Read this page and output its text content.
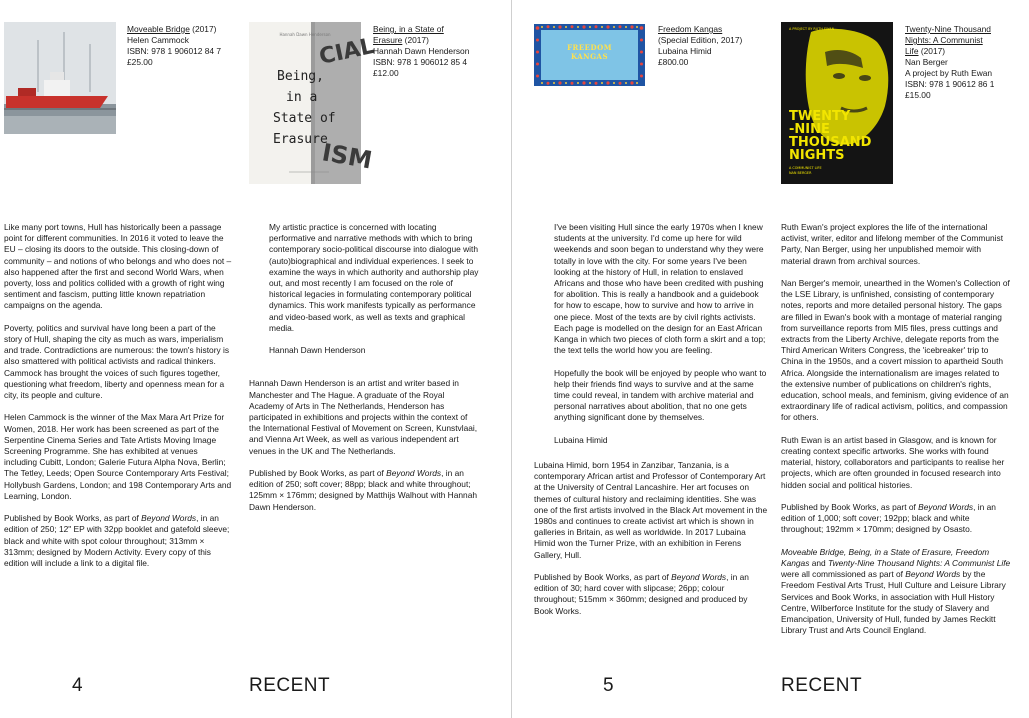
Moveable Bridge (2017)
Helen Cammock
ISBN: 978 1 906012 84 7
£25.00
Hannah Dawn Henderson
Being,
in a
State of
Erasure
CIAL
ISM
Being, in a State of
Erasure (2017)
Hannah Dawn Henderson
ISBN: 978 1 906012 85 4
£12.00
FREEDOM
KANGAS
Freedom Kangas
(Special Edition, 2017)
Lubaina Himid
£800.00
A PROJECT BY RUTH EWAN
TWENTY
-NINE
THOUSAND
NIGHTS
A COMMUNIST LIFE
NAN BERGER
Twenty-Nine Thousand
Nights: A Communist
Life (2017)
Nan Berger
A project by Ruth Ewan
ISBN: 978 1 90612 86 1
£15.00

Like many port towns, Hull has historically been a passage point for different communities. In 2016 it voted to leave the EU – closing its doors to the outside. This closing-down of community – and notions of who belongs and who does not – also happened after the first and second World Wars, when poverty, loss and politics collided with a growth of right wing sentiment and fascism, putting little known repatriation campaigns on the agenda.

Poverty, politics and survival have long been a part of the story of Hull, shaping the city as much as wars, imperialism and trade. Contradictions are numerous: the town's history is also smattered with political activists and radical thinkers. Cammock has brought the voices of such figures together, questioning what freedom, liberty and openness mean for a city, its people and culture.

Helen Cammock is the winner of the Max Mara Art Prize for Women, 2018. Her work has been screened as part of the Serpentine Cinema Series and Tate Artists Moving Image Screening Programme. She has exhibited at venues including Cubitt, London; Galerie Futura Alpha Nova, Berlin; The Tetley, Leeds; Open Source Contemporary Arts Festival; Hollybush Gardens, London; and 198 Contemporary Arts and Learning, London.

Published by Book Works, as part of Beyond Words, in an edition of 250; 12" EP with 32pp booklet and gatefold sleeve; black and white with spot colour throughout; 313mm × 313mm; designed by Modern Activity. Every copy of this edition will include a link to a digital file.

My artistic practice is concerned with locating performative and narrative methods with which to bring contemporary socio-political discourse into dialogue with (auto)biographical and individual experiences. I seek to examine the ways in which authority and authorship play out, and most recently I am focused on the role of historical legacies in formulating contemporary political dynamics. This work manifests typically as performance and video-based work, as well as texts and graphical media.

Hannah Dawn Henderson

Hannah Dawn Henderson is an artist and writer based in Manchester and The Hague. A graduate of the Royal Academy of Arts in The Netherlands, Henderson has participated in exhibitions and projects within the context of the International Festival of Movement on Screen, Kunstvlaai, and Vienna Art Week, as well as various independent art venues in the UK and The Netherlands.

Published by Book Works, as part of Beyond Words, in an edition of 250; soft cover; 88pp; black and white throughout; 125mm × 176mm; designed by Matthijs Walhout with Hannah Dawn Henderson.

I've been visiting Hull since the early 1970s when I knew students at the university. I'd come up here for wild weekends and soon began to understand why they were totally in love with the city. For some years I've been looking at the history of Hull, in relation to enslaved Africans and those who have been credited with pushing for abolition. This is really a handbook and a guidebook for how to escape, how to survive and how to arrive in one piece. Most of the texts are by civil rights activists. Each page is modelled on the design for an East African Kanga in which two pieces of cloth form a skirt and a top; the text tells the world how you are feeling.

Hopefully the book will be enjoyed by people who want to help their friends find ways to survive and at the same time could reveal, in tandem with archive material and personal narratives about abolition, that no one gets anything significant done by themselves.

Lubaina Himid

Lubaina Himid, born 1954 in Zanzibar, Tanzania, is a contemporary African artist and Professor of Contemporary Art at the University of Central Lancashire. Her art focuses on themes of cultural history and reclaiming identities. She was one of the first artists involved in the Black Art movement in the 1980s and continues to create activist art which is shown in galleries in Britain, as well as worldwide. In 2017 Lubaina Himid won the Turner Prize, with an exhibition in Ferens Gallery, Hull.

Published by Book Works, as part of Beyond Words, in an edition of 30; hard cover with slipcase; 26pp; colour throughout; 515mm × 360mm; designed and produced by Book Works.

Ruth Ewan's project explores the life of the international activist, writer, editor and lifelong member of the Communist Party, Nan Berger, using her unpublished memoir with material drawn from archival sources.

Nan Berger's memoir, unearthed in the Women's Collection of the LSE Library, is unfinished, consisting of contemporary notes, reports and more detailed personal history. The gaps are filled in Ewan's book with a montage of material ranging from surveillance reports from MI5 files, press cuttings and extracts from the Liberty Archive, delegate reports from the Third American Writers Congress, the 'icebreaker' trip to China in the 1950s, and a covert mission to apartheid South Africa. Alongside the internationalism are images related to the extensive number of publications on children's rights, education, school meals, and feminism, giving evidence of an extraordinary life of radical activism, politics, and compassion for others.

Ruth Ewan is an artist based in Glasgow, and is known for creating context specific artworks. She works with found material, history, collaborators and participants to realise her projects, which are often grounded in focused research into hidden social and political histories.

Published by Book Works, as part of Beyond Words, in an edition of 1,000; soft cover; 192pp; black and white throughout; 192mm × 170mm; designed by Osasto.

Moveable Bridge, Being, in a State of Erasure, Freedom Kangas and Twenty-Nine Thousand Nights: A Communist Life were all commissioned as part of Beyond Words by the Freedom Festival Arts Trust, Hull Culture and Leisure Library Services and Book Works, in association with Hull History Centre, Wilberforce Institute for the study of Slavery and Emancipation, University of Hull, funded by James Reckitt Library Trust and Arts Council England.

4	RECENT	5	RECENT
